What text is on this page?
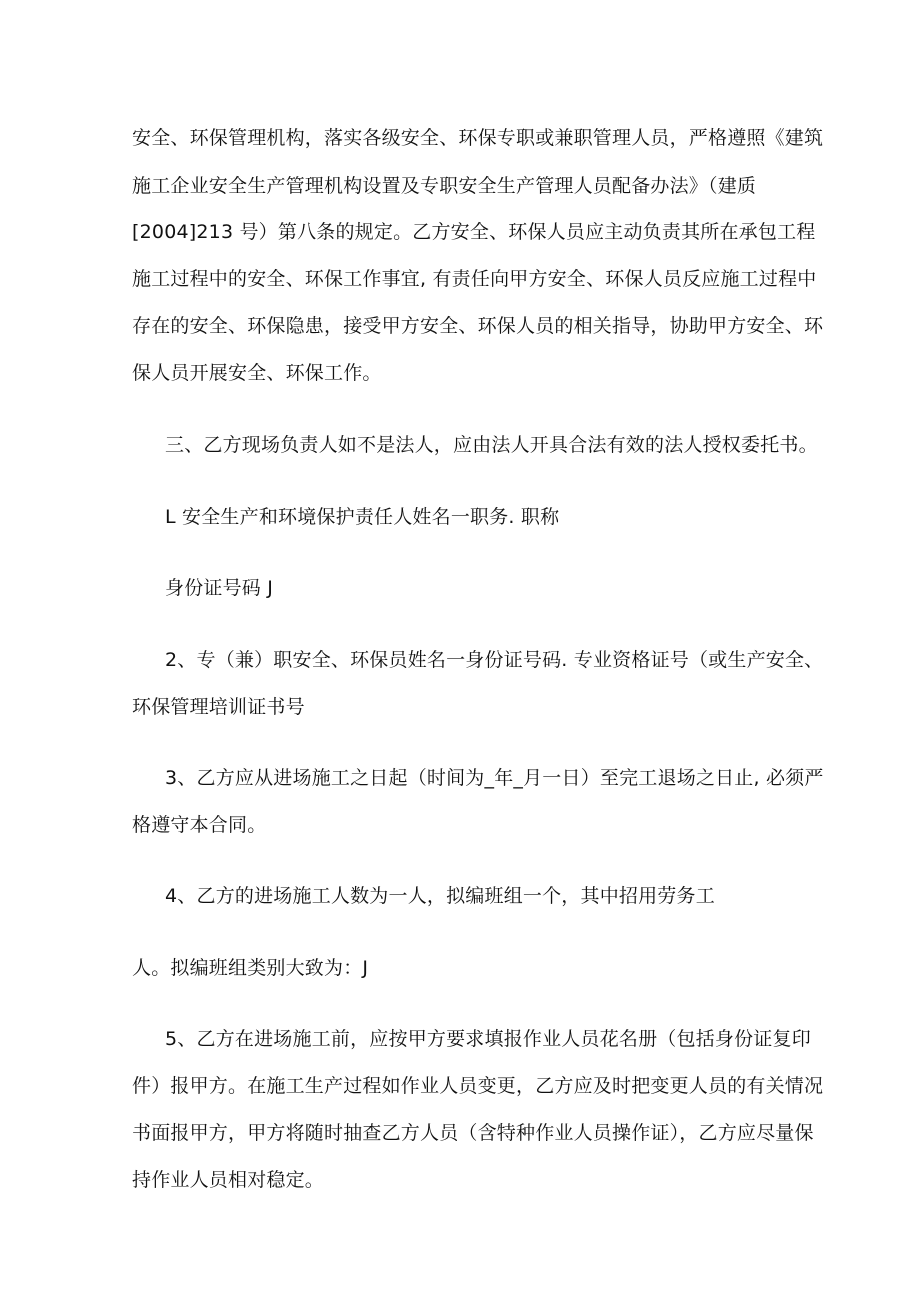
安全、环保管理机构，落实各级安全、环保专职或兼职管理人员，严格遵照《建筑
施工企业安全生产管理机构设置及专职安全生产管理人员配备办法》（建质
[2004]213 号）第八条的规定。乙方安全、环保人员应主动负责其所在承包工程
施工过程中的安全、环保工作事宜, 有责任向甲方安全、环保人员反应施工过程中
存在的安全、环保隐患，接受甲方安全、环保人员的相关指导，协助甲方安全、环
保人员开展安全、环保工作。
三、乙方现场负责人如不是法人，应由法人开具合法有效的法人授权委托书。
L 安全生产和环境保护责任人姓名一职务. 职称
身份证号码 J
2、专（兼）职安全、环保员姓名一身份证号码. 专业资格证号（或生产安全、
环保管理培训证书号
3、乙方应从进场施工之日起（时间为_年_月一日）至完工退场之日止, 必须严
格遵守本合同。
4、乙方的进场施工人数为一人，拟编班组一个，其中招用劳务工
人。拟编班组类别大致为：J
5、乙方在进场施工前，应按甲方要求填报作业人员花名册（包括身份证复印
件）报甲方。在施工生产过程如作业人员变更，乙方应及时把变更人员的有关情况
书面报甲方，甲方将随时抽查乙方人员（含特种作业人员操作证），乙方应尽量保
持作业人员相对稳定。
